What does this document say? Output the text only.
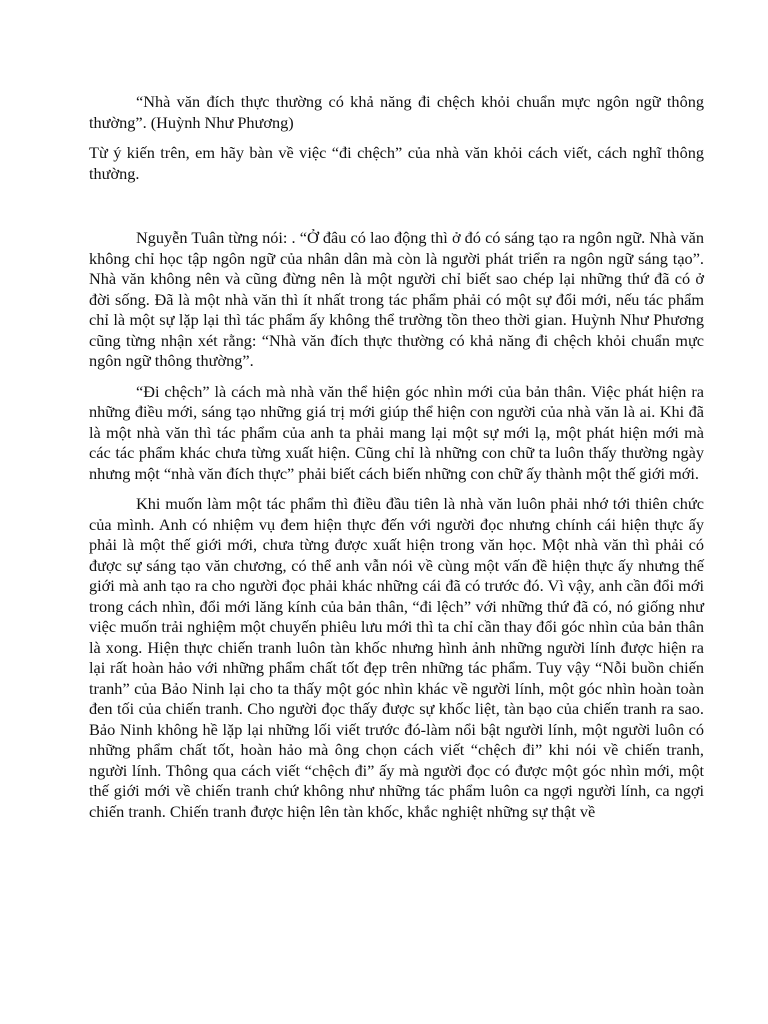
“Nhà văn đích thực thường có khả năng đi chệch khỏi chuẩn mực ngôn ngữ thông thường”. (Huỳnh Như Phương)

Từ ý kiến trên, em hãy bàn về việc “đi chệch” của nhà văn khỏi cách viết, cách nghĩ thông thường.

Nguyễn Tuân từng nói: . “Ở đâu có lao động thì ở đó có sáng tạo ra ngôn ngữ. Nhà văn không chỉ học tập ngôn ngữ của nhân dân mà còn là người phát triển ra ngôn ngữ sáng tạo”. Nhà văn không nên và cũng đừng nên là một người chỉ biết sao chép lại những thứ đã có ở đời sống. Đã là một nhà văn thì ít nhất trong tác phẩm phải có một sự đổi mới, nếu tác phẩm chỉ là một sự lặp lại thì tác phẩm ấy không thể trường tồn theo thời gian. Huỳnh Như Phương cũng từng nhận xét rằng: “Nhà văn đích thực thường có khả năng đi chệch khỏi chuẩn mực ngôn ngữ thông thường”.

“Đi chệch” là cách mà nhà văn thể hiện góc nhìn mới của bản thân. Việc phát hiện ra những điều mới, sáng tạo những giá trị mới giúp thể hiện con người của nhà văn là ai. Khi đã là một nhà văn thì tác phẩm của anh ta phải mang lại một sự mới lạ, một phát hiện mới mà các tác phẩm khác chưa từng xuất hiện. Cũng chỉ là những con chữ ta luôn thấy thường ngày nhưng một “nhà văn đích thực” phải biết cách biến những con chữ ấy thành một thế giới mới.

Khi muốn làm một tác phẩm thì điều đầu tiên là nhà văn luôn phải nhớ tới thiên chức của mình. Anh có nhiệm vụ đem hiện thực đến với người đọc nhưng chính cái hiện thực ấy phải là một thế giới mới, chưa từng được xuất hiện trong văn học. Một nhà văn thì phải có được sự sáng tạo văn chương, có thể anh vẫn nói về cùng một vấn đề hiện thực ấy nhưng thế giới mà anh tạo ra cho người đọc phải khác những cái đã có trước đó. Vì vậy, anh cần đổi mới trong cách nhìn, đổi mới lăng kính của bản thân, “đi lệch” với những thứ đã có, nó giống như việc muốn trải nghiệm một chuyến phiêu lưu mới thì ta chỉ cần thay đổi góc nhìn của bản thân là xong. Hiện thực chiến tranh luôn tàn khốc nhưng hình ảnh những người lính được hiện ra lại rất hoàn hảo với những phẩm chất tốt đẹp trên những tác phẩm. Tuy vậy “Nỗi buồn chiến tranh” của Bảo Ninh lại cho ta thấy một góc nhìn khác về người lính, một góc nhìn hoàn toàn đen tối của chiến tranh. Cho người đọc thấy được sự khốc liệt, tàn bạo của chiến tranh ra sao. Bảo Ninh không hề lặp lại những lối viết trước đó-làm nổi bật người lính, một người luôn có những phẩm chất tốt, hoàn hảo mà ông chọn cách viết “chệch đi” khi nói về chiến tranh, người lính. Thông qua cách viết “chệch đi” ấy mà người đọc có được một góc nhìn mới, một thế giới mới về chiến tranh chứ không như những tác phẩm luôn ca ngợi người lính, ca ngợi chiến tranh. Chiến tranh được hiện lên tàn khốc, khắc nghiệt những sự thật về
